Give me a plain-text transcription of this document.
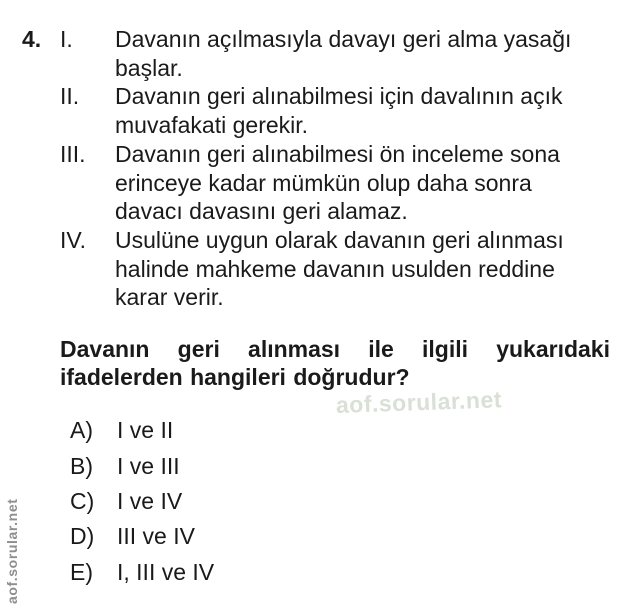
4. I. Davanın açılmasıyla davayı geri alma yasağı
başlar.
II. Davanın geri alınabilmesi için davalının açık
muvafakati gerekir.
III. Davanın geri alınabilmesi ön inceleme sona
erinceye kadar mümkün olup daha sonra
davacı davasını geri alamaz.
IV. Usulüne uygun olarak davanın geri alınması
halinde mahkeme davanın usulden reddine
karar verir.
Davanın geri alınması ile ilgili yukarıdaki
ifadelerden hangileri doğrudur?
aof.sorular.net
A)	I ve II
B)	I ve III
C) I ve IV
D) III ve IV
E)	I, III ve IV
aof.sorular.net
